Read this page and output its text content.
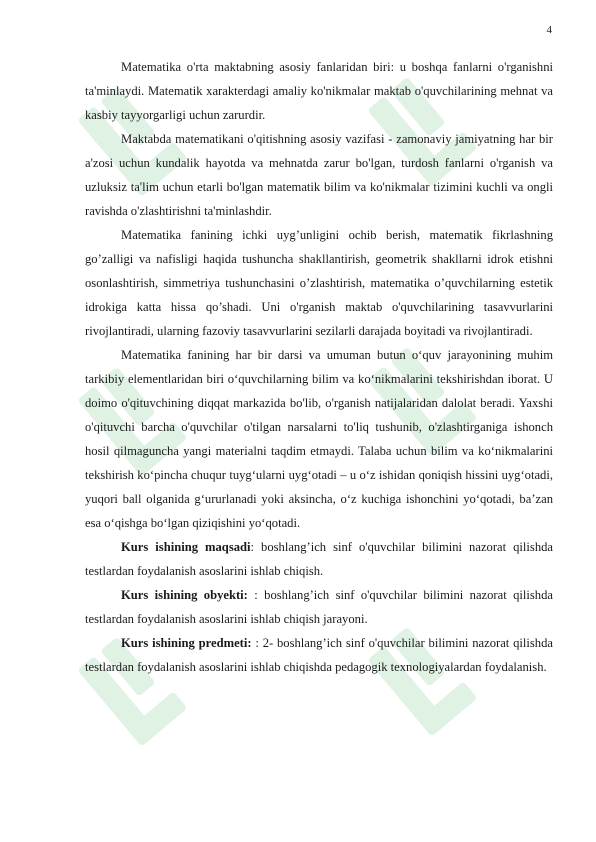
4

Matematika o'rta maktabning asosiy fanlaridan biri: u boshqa fanlarni o'rganishni ta'minlaydi. Matematik xarakterdagi amaliy ko'nikmalar maktab o'quvchilarining mehnat va kasbiy tayyorgarligi uchun zarurdir.

Maktabda matematikani o'qitishning asosiy vazifasi - zamonaviy jamiyatning har bir a'zosi uchun kundalik hayotda va mehnatda zarur bo'lgan, turdosh fanlarni o'rganish va uzluksiz ta'lim uchun etarli bo'lgan matematik bilim va ko'nikmalar tizimini kuchli va ongli ravishda o'zlashtirishni ta'minlashdir.

Matematika fanining ichki uyg’unligini ochib berish, matematik fikrlashning go’zalligi va nafisligi haqida tushuncha shakllantirish, geometrik shakllarni idrok etishni osonlashtirish, simmetriya tushunchasini o’zlashtirish, matematika o’quvchilarning estetik idrokiga katta hissa qo’shadi. Uni o'rganish maktab o'quvchilarining tasavvurlarini rivojlantiradi, ularning fazoviy tasavvurlarini sezilarli darajada boyitadi va rivojlantiradi.

Matematika fanining har bir darsi va umuman butun o‘quv jarayonining muhim tarkibiy elementlaridan biri o‘quvchilarning bilim va ko‘nikmalarini tekshirishdan iborat. U doimo o'qituvchining diqqat markazida bo'lib, o'rganish natijalaridan dalolat beradi. Yaxshi o'qituvchi barcha o'quvchilar o'tilgan narsalarni to'liq tushunib, o'zlashtirganiga ishonch hosil qilmaguncha yangi materialni taqdim etmaydi. Talaba uchun bilim va ko‘nikmalarini tekshirish ko‘pincha chuqur tuyg‘ularni uyg‘otadi – u o‘z ishidan qoniqish hissini uyg‘otadi, yuqori ball olganida g‘ururlanadi yoki aksincha, o‘z kuchiga ishonchini yo‘qotadi, ba’zan esa o‘qishga bo‘lgan qiziqishini yo‘qotadi.

Kurs ishining maqsadi: boshlang’ich sinf o'quvchilar bilimini nazorat qilishda testlardan foydalanish asoslarini ishlab chiqish.

Kurs ishining obyekti: : boshlang’ich sinf o'quvchilar bilimini nazorat qilishda testlardan foydalanish asoslarini ishlab chiqish jarayoni.

Kurs ishining predmeti: : 2- boshlang’ich sinf o'quvchilar bilimini nazorat qilishda testlardan foydalanish asoslarini ishlab chiqishda pedagogik texnologiyalardan foydalanish.
